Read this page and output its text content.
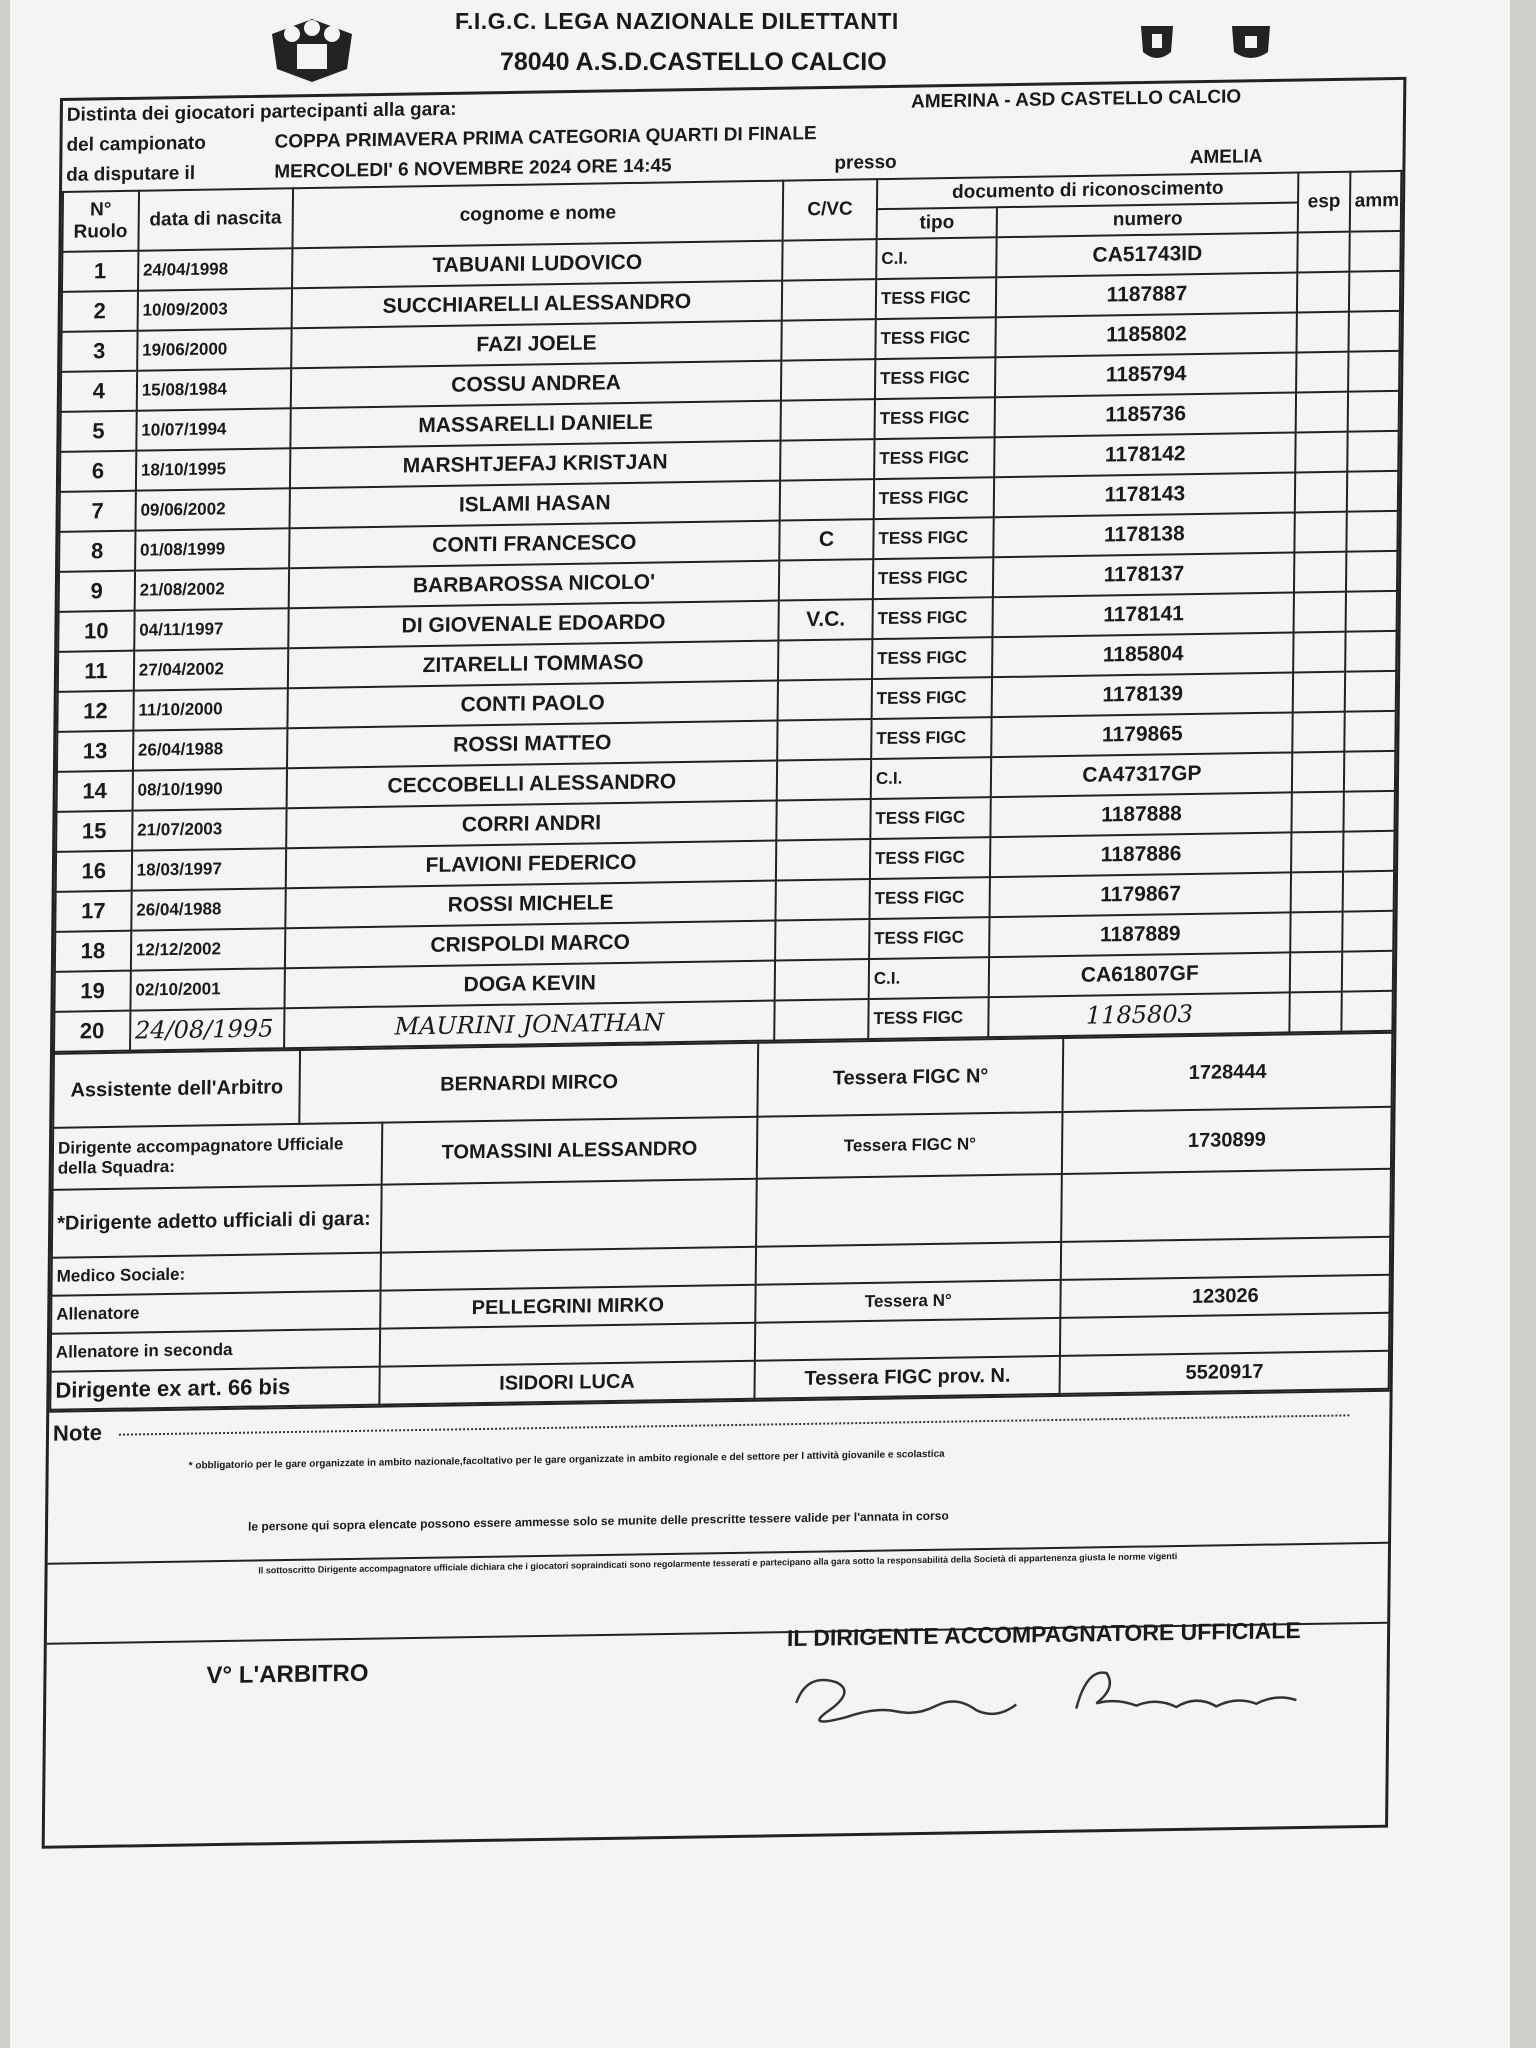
F.I.G.C. LEGA NAZIONALE DILETTANTI
78040 A.S.D.CASTELLO CALCIO
Distinta dei giocatori partecipanti alla gara:		AMERINA - ASD CASTELLO CALCIO	
del campionato	COPPA PRIMAVERA PRIMA CATEGORIA QUARTI DI FINALE		
da disputare il	MERCOLEDI' 6 NOVEMBRE 2024 ORE 14:45	presso	AMELIA
N° Ruolo	data di nascita	cognome e nome	C/VC	documento di riconoscimento		esp	amm
				tipo	numero		
1	24/04/1998	TABUANI LUDOVICO		C.I.	CA51743ID		
2	10/09/2003	SUCCHIARELLI ALESSANDRO		TESS FIGC	1187887		
3	19/06/2000	FAZI JOELE		TESS FIGC	1185802		
4	15/08/1984	COSSU ANDREA		TESS FIGC	1185794		
5	10/07/1994	MASSARELLI DANIELE		TESS FIGC	1185736		
6	18/10/1995	MARSHTJEFAJ KRISTJAN		TESS FIGC	1178142		
7	09/06/2002	ISLAMI HASAN		TESS FIGC	1178143		
8	01/08/1999	CONTI FRANCESCO	C	TESS FIGC	1178138		
9	21/08/2002	BARBAROSSA NICOLO'		TESS FIGC	1178137		
10	04/11/1997	DI GIOVENALE EDOARDO	V.C.	TESS FIGC	1178141		
11	27/04/2002	ZITARELLI TOMMASO		TESS FIGC	1185804		
12	11/10/2000	CONTI PAOLO		TESS FIGC	1178139		
13	26/04/1988	ROSSI MATTEO		TESS FIGC	1179865		
14	08/10/1990	CECCOBELLI ALESSANDRO		C.I.	CA47317GP		
15	21/07/2003	CORRI ANDRI		TESS FIGC	1187888		
16	18/03/1997	FLAVIONI FEDERICO		TESS FIGC	1187886		
17	26/04/1988	ROSSI MICHELE		TESS FIGC	1179867		
18	12/12/2002	CRISPOLDI MARCO		TESS FIGC	1187889		
19	02/10/2001	DOGA KEVIN		C.I.	CA61807GF		
20	24/08/1995	MAURINI JONATHAN		TESS FIGC	1185803		
Assistente dell'Arbitro	BERNARDI MIRCO		Tessera FIGC N°	1728444
Dirigente accompagnatore Ufficiale della Squadra:		TOMASSINI ALESSANDRO	Tessera FIGC N°	1730899
*Dirigente adetto ufficiali di gara:				
Medico Sociale:				
Allenatore		PELLEGRINI MIRKO	Tessera N°	123026
Allenatore in seconda				
Dirigente ex art. 66 bis		ISIDORI LUCA	Tessera FIGC prov. N.	5520917
Note
* obbligatorio per le gare organizzate in ambito nazionale,facoltativo per le gare organizzate in ambito regionale e del settore per l attività giovanile e scolastica
le persone qui sopra elencate possono essere ammesse solo se munite delle prescritte tessere valide per l'annata in corso
Il sottoscritto Dirigente accompagnatore ufficiale dichiara che i giocatori sopraindicati sono regolarmente tesserati e partecipano alla gara sotto la responsabilità della Società di appartenenza giusta le norme vigenti
V° L'ARBITRO
IL DIRIGENTE ACCOMPAGNATORE UFFICIALE
